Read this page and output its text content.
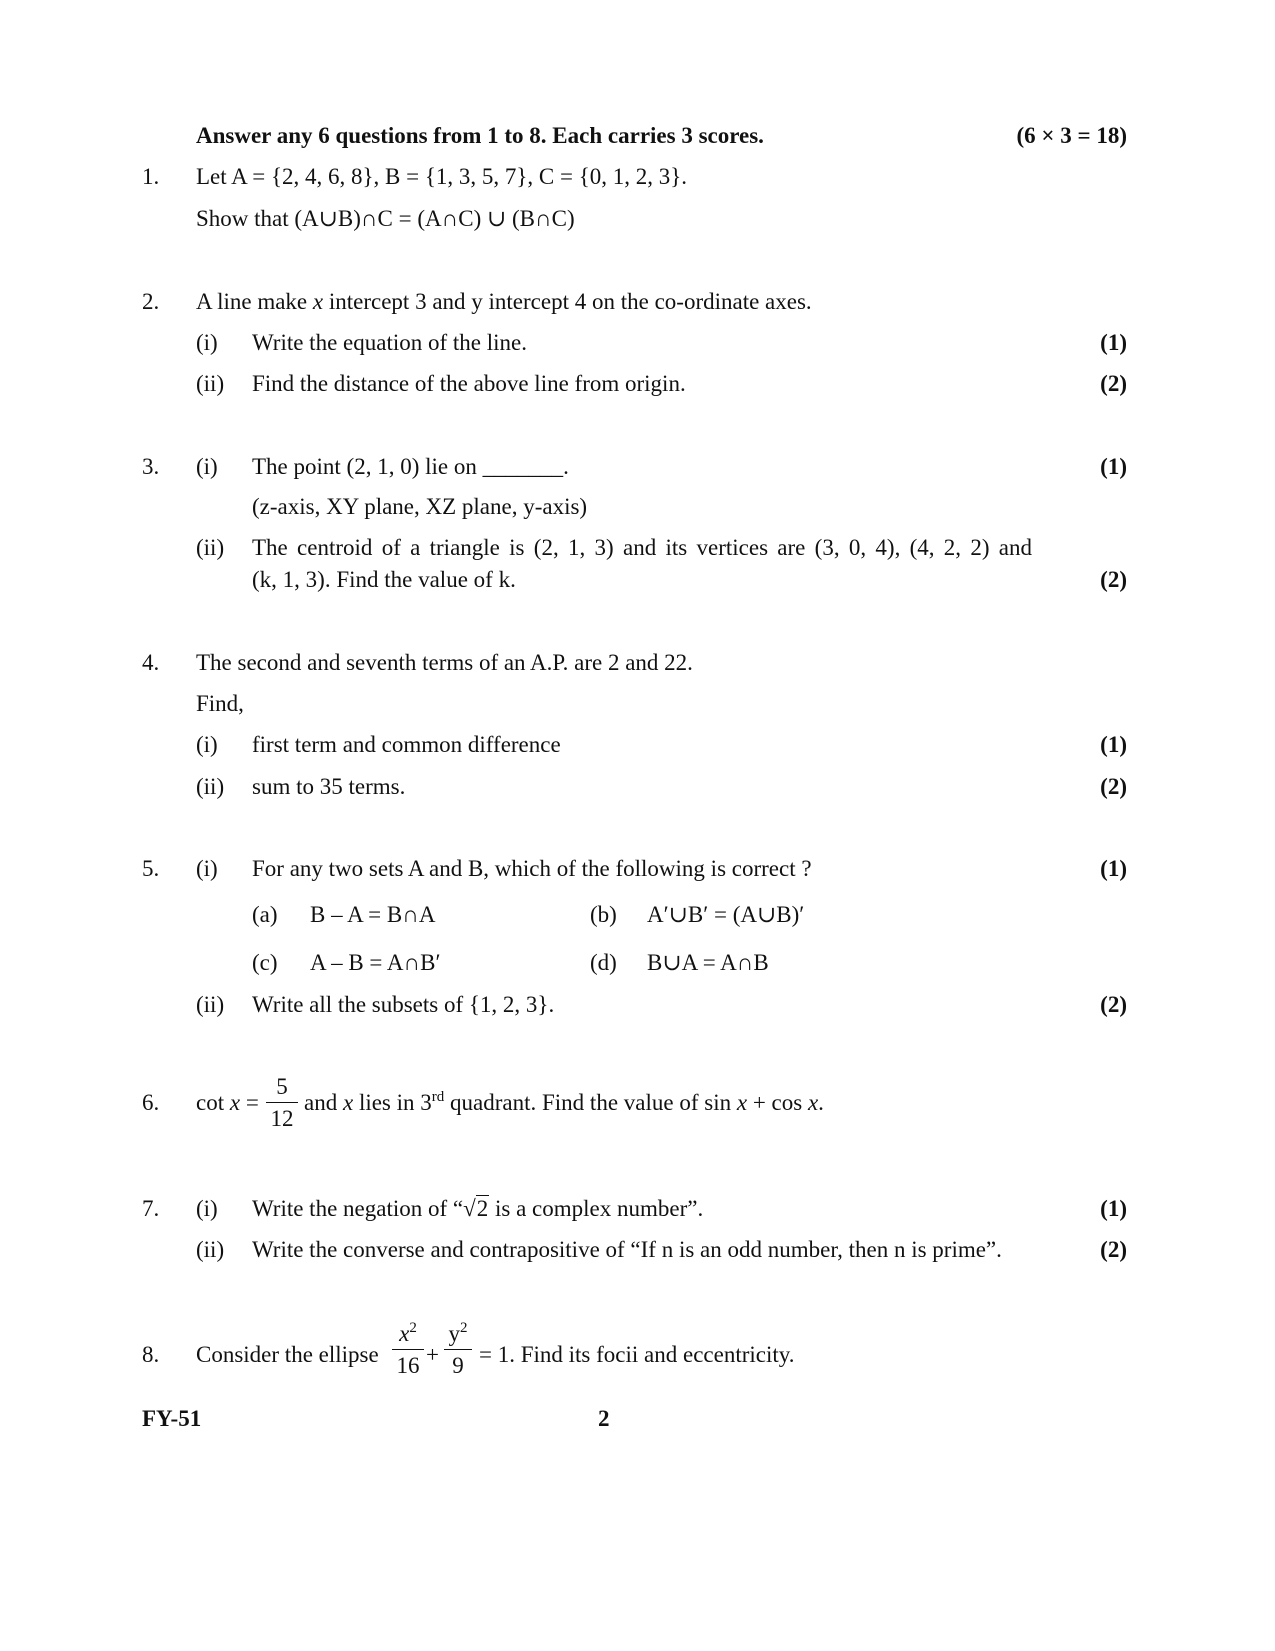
Answer any 6 questions from 1 to 8. Each carries 3 scores.	(6 × 3 = 18)
1. Let A = {2, 4, 6, 8}, B = {1, 3, 5, 7}, C = {0, 1, 2, 3}.
Show that (A∪B)∩C = (A∩C) ∪ (B∩C)
2. A line make x intercept 3 and y intercept 4 on the co-ordinate axes.
(i) Write the equation of the line.	(1)
(ii) Find the distance of the above line from origin.	(2)
3. (i) The point (2, 1, 0) lie on _______.	(1)
(z-axis, XY plane, XZ plane, y-axis)
(ii) The centroid of a triangle is (2, 1, 3) and its vertices are (3, 0, 4), (4, 2, 2) and
(k, 1, 3). Find the value of k.	(2)
4. The second and seventh terms of an A.P. are 2 and 22.
Find,
(i) first term and common difference	(1)
(ii) sum to 35 terms.	(2)
5. (i) For any two sets A and B, which of the following is correct ?	(1)
(a) B – A = B∩A	(b) A′∪B′ = (A∪B)′
(c) A – B = A∩B′	(d) B∪A = A∩B
(ii) Write all the subsets of {1, 2, 3}.	(2)
6. cot x =
5
12
and x lies in 3rd quadrant. Find the value of sin x + cos x.
7. (i) Write the negation of “√2 is a complex number”.	(1)
(ii) Write the converse and contrapositive of “If n is an odd number, then n is prime”.	(2)
8. Consider the ellipse
$x^2$
16 +
$y^2$
9 = 1. Find its focii and eccentricity.
FY-51	2
